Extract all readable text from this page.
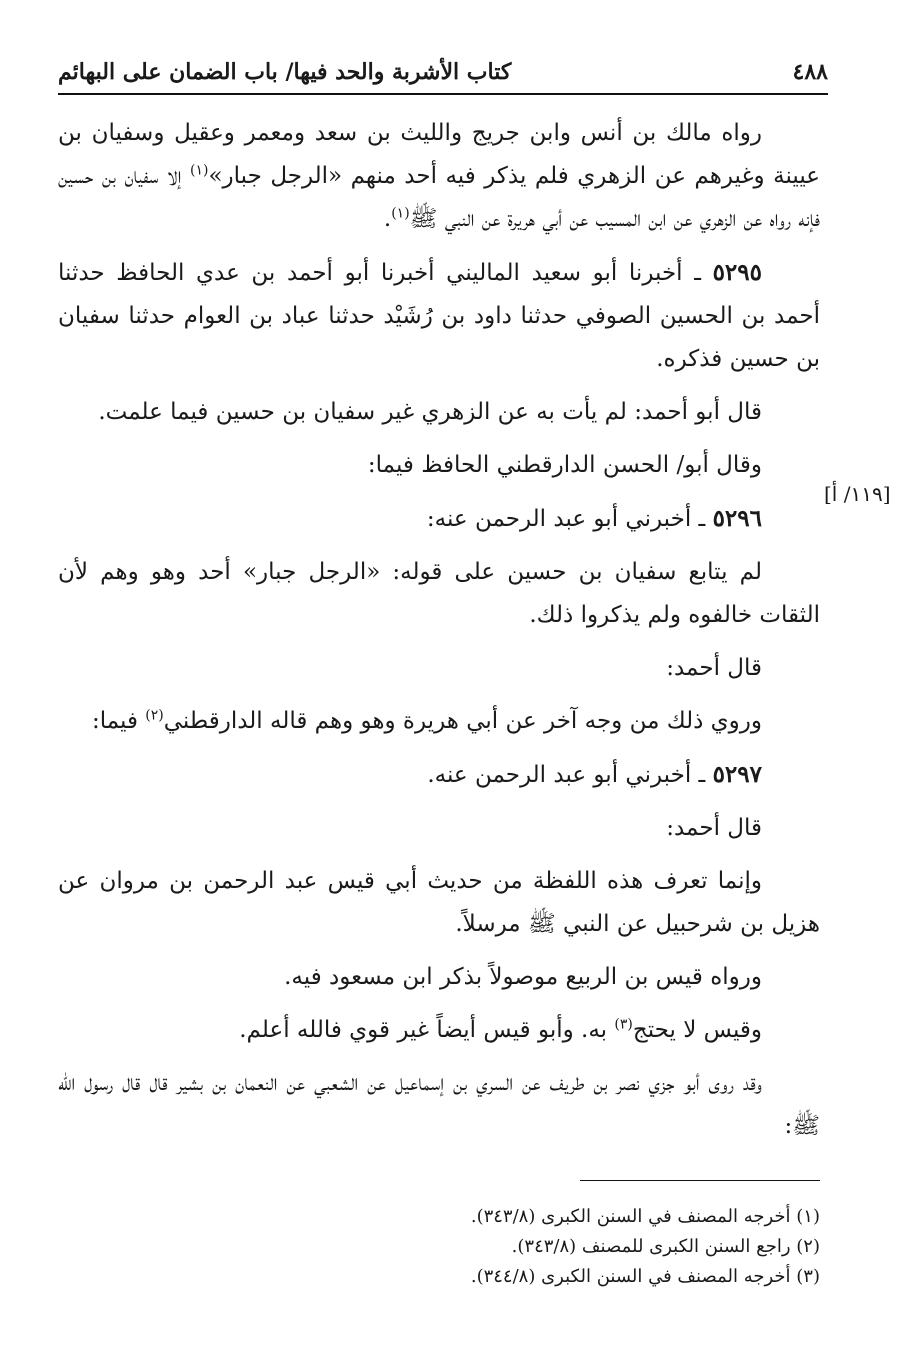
٤٨٨
كتاب الأشربة والحد فيها/ باب الضمان على البهائم
[١١٩/ أ]

رواه مالك بن أنس وابن جريج والليث بن سعد ومعمر وعقيل وسفيان بن عيينة وغيرهم عن الزهري فلم يذكر فيه أحد منهم «الرجل جبار»$^{(١)}$ إلا سفيان بن حسين فإنه رواه عن الزهري عن ابن المسيب عن أبي هريرة عن النبي ﷺ$^{(١)}$.

٥٢٩٥ ـ أخبرنا أبو سعيد الماليني أخبرنا أبو أحمد بن عدي الحافظ حدثنا أحمد بن الحسين الصوفي حدثنا داود بن رُشَيْد حدثنا عباد بن العوام حدثنا سفيان بن حسين فذكره.

قال أبو أحمد: لم يأت به عن الزهري غير سفيان بن حسين فيما علمت.

وقال أبو/ الحسن الدارقطني الحافظ فيما:

٥٢٩٦ ـ أخبرني أبو عبد الرحمن عنه:

لم يتابع سفيان بن حسين على قوله: «الرجل جبار» أحد وهو وهم لأن الثقات خالفوه ولم يذكروا ذلك.

قال أحمد:

وروي ذلك من وجه آخر عن أبي هريرة وهو وهم قاله الدارقطني$^{(٢)}$ فيما:

٥٢٩٧ ـ أخبرني أبو عبد الرحمن عنه.

قال أحمد:

وإنما تعرف هذه اللفظة من حديث أبي قيس عبد الرحمن بن مروان عن هزيل بن شرحبيل عن النبي ﷺ مرسلاً.

ورواه قيس بن الربيع موصولاً بذكر ابن مسعود فيه.

وقيس لا يحتج$^{(٣)}$ به. وأبو قيس أيضاً غير قوي فالله أعلم.

وقد روى أبو جزي نصر بن طريف عن السري بن إسماعيل عن الشعبي عن النعمان بن بشير قال قال رسول الله ﷺ:

(١) أخرجه المصنف في السنن الكبرى (٣٤٣/٨).
(٢) راجع السنن الكبرى للمصنف (٣٤٣/٨).
(٣) أخرجه المصنف في السنن الكبرى (٣٤٤/٨).
